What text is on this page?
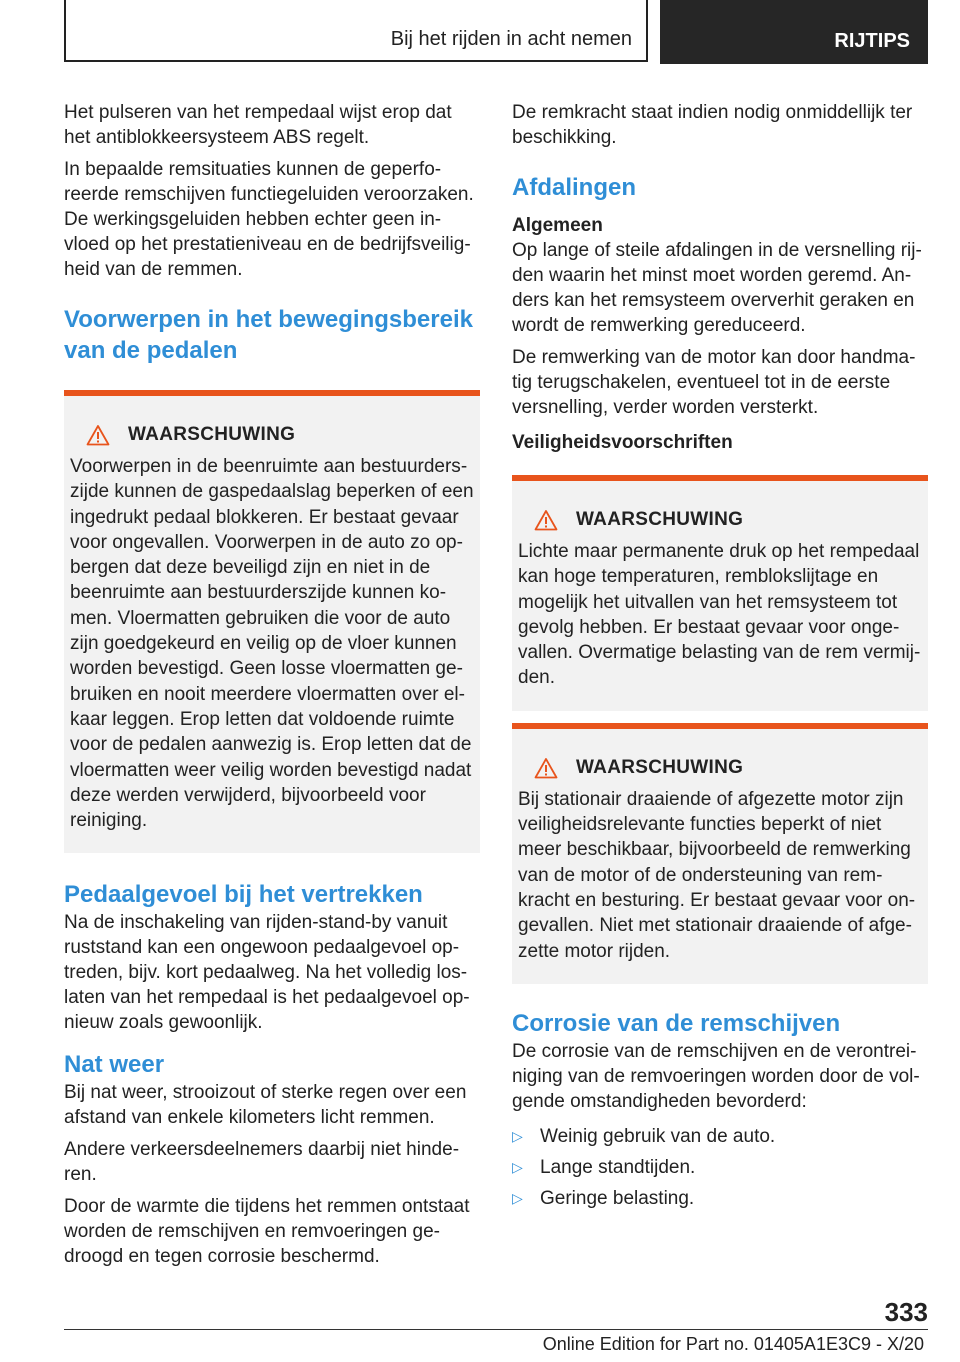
Bij het rijden in acht nemen	RIJTIPS

Het pulseren van het rempedaal wijst erop dat het antiblokkeersysteem ABS regelt.

In bepaalde remsituaties kunnen de geperforeerde remschijven functiegeluiden veroorzaken. De werkingsgeluiden hebben echter geen invloed op het prestatieniveau en de bedrijfsveiligheid van de remmen.

Voorwerpen in het bewegingsbereik van de pedalen
WAARSCHUWING

Voorwerpen in de beenruimte aan bestuurderszijde kunnen de gaspedaalslag beperken of een ingedrukt pedaal blokkeren. Er bestaat gevaar voor ongevallen. Voorwerpen in de auto zo opbergen dat deze beveiligd zijn en niet in de beenruimte aan bestuurderszijde kunnen komen. Vloermatten gebruiken die voor de auto zijn goedgekeurd en veilig op de vloer kunnen worden bevestigd. Geen losse vloermatten gebruiken en nooit meerdere vloermatten over elkaar leggen. Erop letten dat voldoende ruimte voor de pedalen aanwezig is. Erop letten dat de vloermatten weer veilig worden bevestigd nadat deze werden verwijderd, bijvoorbeeld voor reiniging.

Pedaalgevoel bij het vertrekken

Na de inschakeling van rijden-stand-by vanuit ruststand kan een ongewoon pedaalgevoel optreden, bijv. kort pedaalweg. Na het volledig loslaten van het rempedaal is het pedaalgevoel opnieuw zoals gewoonlijk.

Nat weer

Bij nat weer, strooizout of sterke regen over een afstand van enkele kilometers licht remmen.

Andere verkeersdeelnemers daarbij niet hinderen.

Door de warmte die tijdens het remmen ontstaat worden de remschijven en remvoeringen gedroogd en tegen corrosie beschermd.

De remkracht staat indien nodig onmiddellijk ter beschikking.

Afdalingen
Algemeen

Op lange of steile afdalingen in de versnelling rijden waarin het minst moet worden geremd. Anders kan het remsysteem oververhit geraken en wordt de remwerking gereduceerd.

De remwerking van de motor kan door handmatig terugschakelen, eventueel tot in de eerste versnelling, verder worden versterkt.

Veiligheidsvoorschriften
WAARSCHUWING

Lichte maar permanente druk op het rempedaal kan hoge temperaturen, remblokslijtage en mogelijk het uitvallen van het remsysteem tot gevolg hebben. Er bestaat gevaar voor ongevallen. Overmatige belasting van de rem vermijden.

WAARSCHUWING

Bij stationair draaiende of afgezette motor zijn veiligheidsrelevante functies beperkt of niet meer beschikbaar, bijvoorbeeld de remwerking van de motor of de ondersteuning van remkracht en besturing. Er bestaat gevaar voor ongevallen. Niet met stationair draaiende of afgezette motor rijden.

Corrosie van de remschijven

De corrosie van de remschijven en de verontreiniging van de remvoeringen worden door de volgende omstandigheden bevorderd:

▷ Weinig gebruik van de auto.
▷ Lange standtijden.
▷ Geringe belasting.
333
Online Edition for Part no. 01405A1E3C9 - X/20
